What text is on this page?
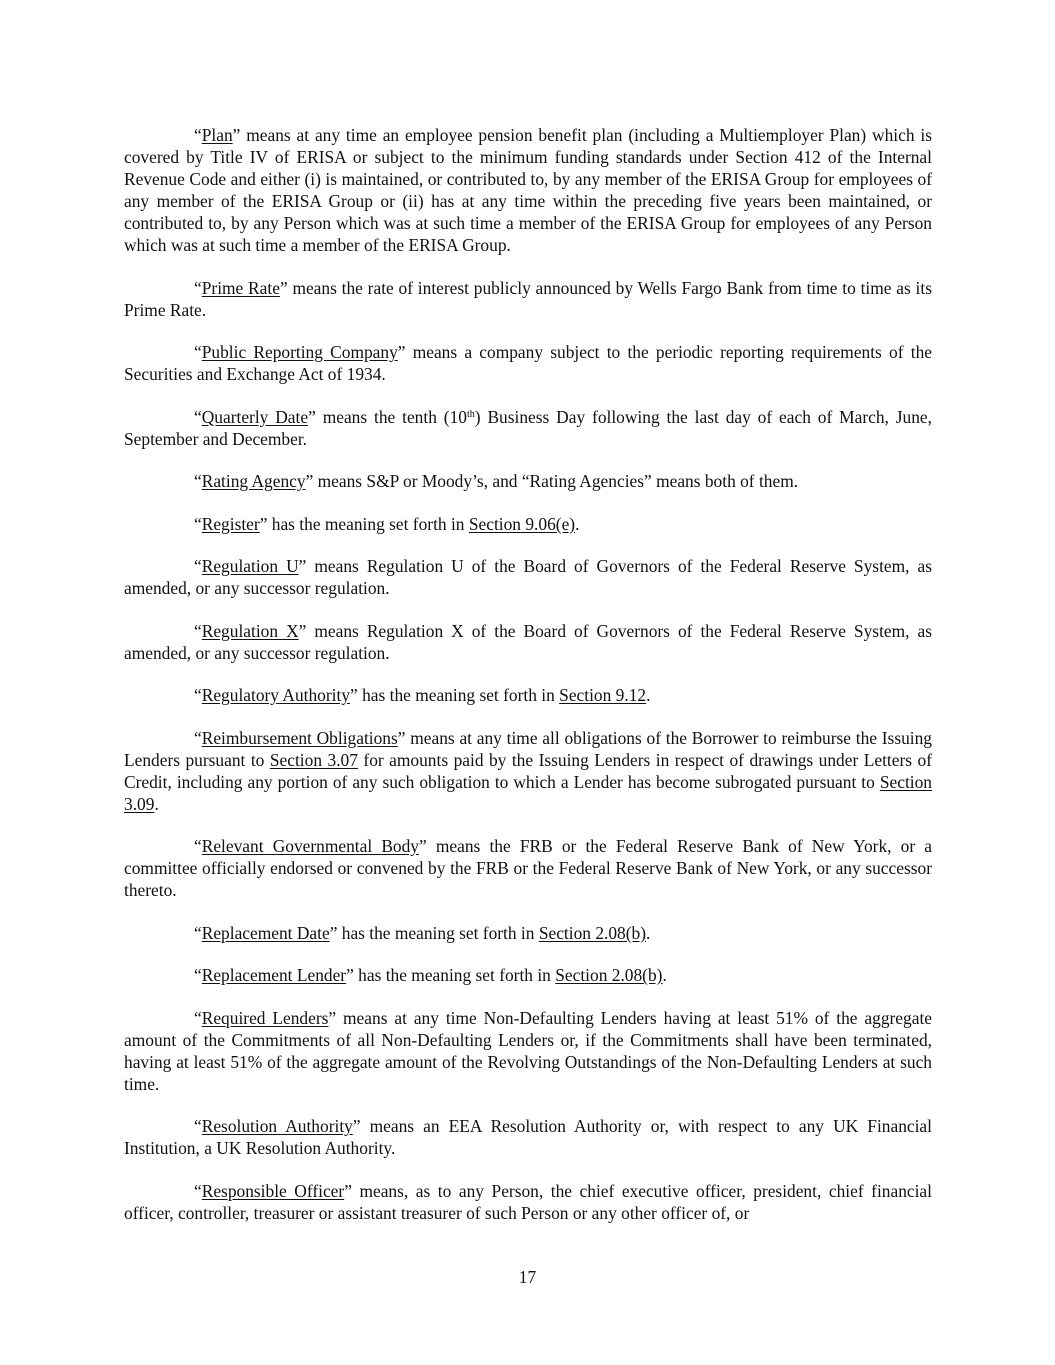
“Plan” means at any time an employee pension benefit plan (including a Multiemployer Plan) which is covered by Title IV of ERISA or subject to the minimum funding standards under Section 412 of the Internal Revenue Code and either (i) is maintained, or contributed to, by any member of the ERISA Group for employees of any member of the ERISA Group or (ii) has at any time within the preceding five years been maintained, or contributed to, by any Person which was at such time a member of the ERISA Group for employees of any Person which was at such time a member of the ERISA Group.

“Prime Rate” means the rate of interest publicly announced by Wells Fargo Bank from time to time as its Prime Rate.

“Public Reporting Company” means a company subject to the periodic reporting requirements of the Securities and Exchange Act of 1934.

“Quarterly Date” means the tenth (10th) Business Day following the last day of each of March, June, September and December.

“Rating Agency” means S&P or Moody’s, and “Rating Agencies” means both of them.

“Register” has the meaning set forth in Section 9.06(e).

“Regulation U” means Regulation U of the Board of Governors of the Federal Reserve System, as amended, or any successor regulation.

“Regulation X” means Regulation X of the Board of Governors of the Federal Reserve System, as amended, or any successor regulation.

“Regulatory Authority” has the meaning set forth in Section 9.12.

“Reimbursement Obligations” means at any time all obligations of the Borrower to reimburse the Issuing Lenders pursuant to Section 3.07 for amounts paid by the Issuing Lenders in respect of drawings under Letters of Credit, including any portion of any such obligation to which a Lender has become subrogated pursuant to Section 3.09.

“Relevant Governmental Body” means the FRB or the Federal Reserve Bank of New York, or a committee officially endorsed or convened by the FRB or the Federal Reserve Bank of New York, or any successor thereto.

“Replacement Date” has the meaning set forth in Section 2.08(b).

“Replacement Lender” has the meaning set forth in Section 2.08(b).

“Required Lenders” means at any time Non-Defaulting Lenders having at least 51% of the aggregate amount of the Commitments of all Non-Defaulting Lenders or, if the Commitments shall have been terminated, having at least 51% of the aggregate amount of the Revolving Outstandings of the Non-Defaulting Lenders at such time.

“Resolution Authority” means an EEA Resolution Authority or, with respect to any UK Financial Institution, a UK Resolution Authority.

“Responsible Officer” means, as to any Person, the chief executive officer, president, chief financial officer, controller, treasurer or assistant treasurer of such Person or any other officer of, or

17
